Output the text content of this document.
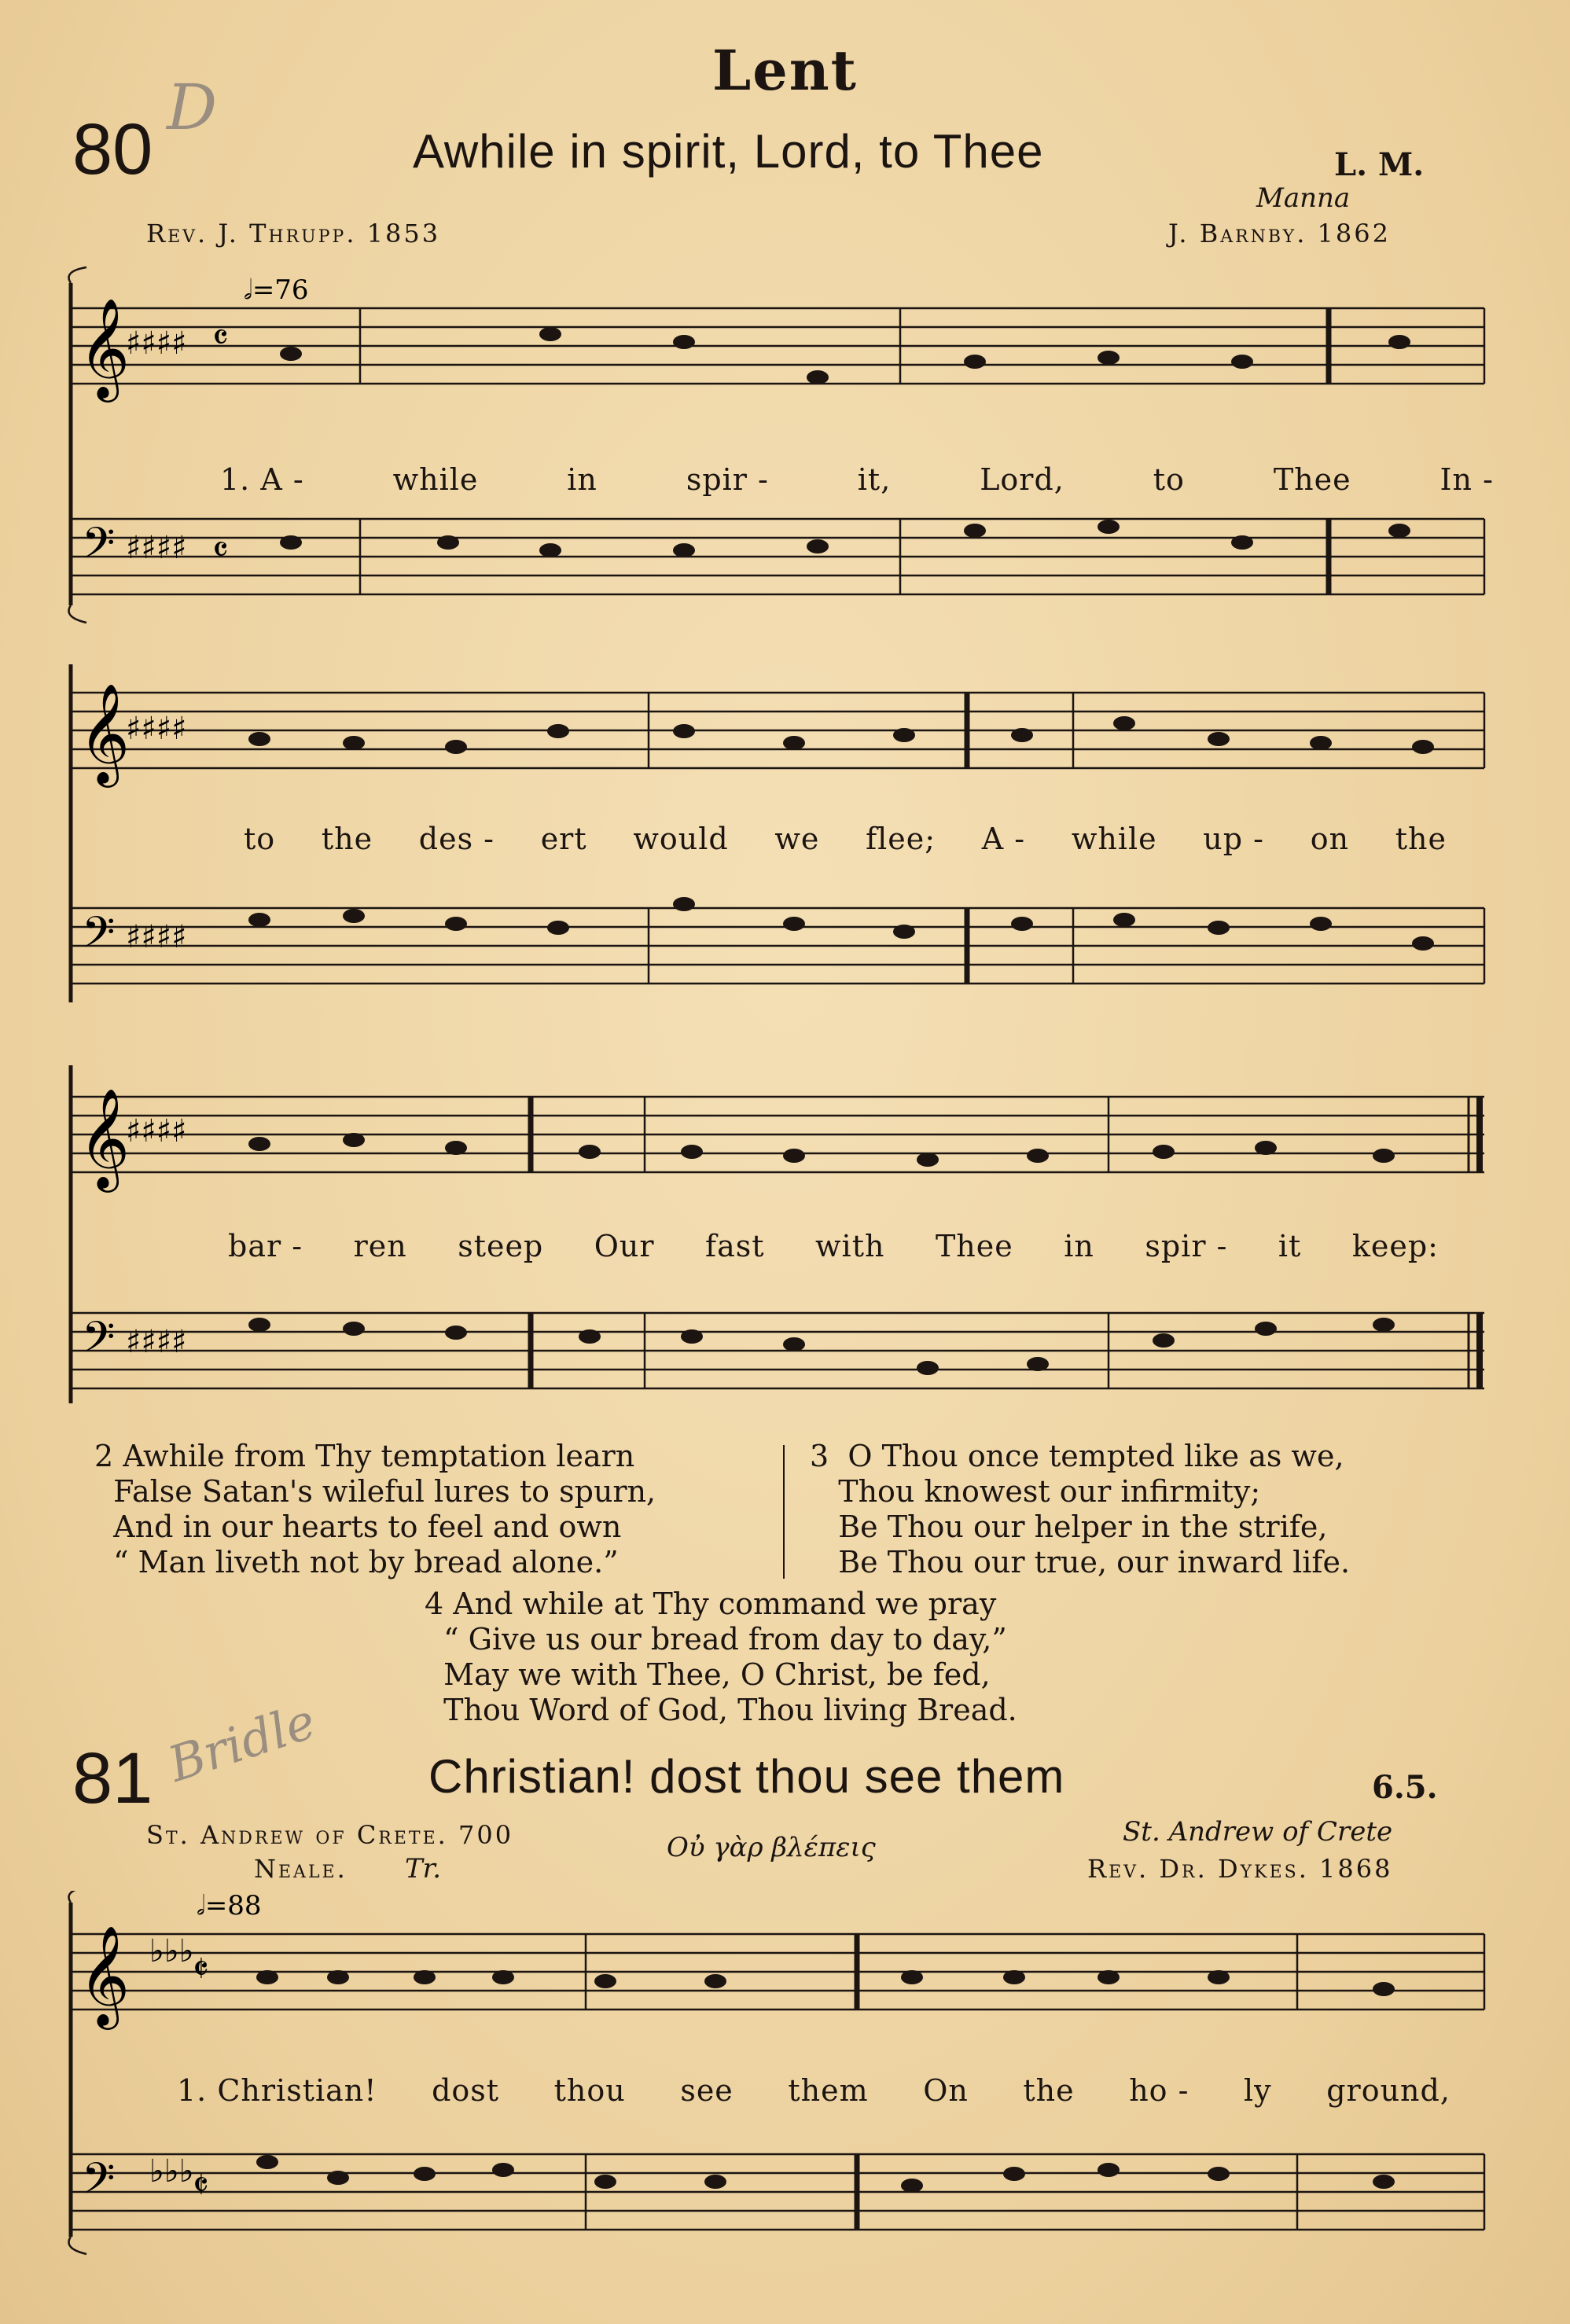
Lent
80
D
Awhile in spirit, Lord, to Thee	L. M.
Manna
Rev. J. Thrupp. 1853	J. Barnby. 1862
𝄞
𝄢
♯♯♯♯
♯♯♯♯
𝄴
𝄴
𝅗𝅥=76
1. A -	while	in	spir -	it,	Lord,	to	Thee	In -
𝄞
𝄢
♯♯♯♯
♯♯♯♯
to the des - ert would we flee; A - while up - on the
𝄞
𝄢
♯♯♯♯
♯♯♯♯
bar - ren steep Our fast with Thee in spir - it keep:
2 Awhile from Thy temptation learn
False Satan's wileful lures to spurn,
And in our hearts to feel and own
“ Man liveth not by bread alone.”
3  O Thou once tempted like as we,
Thou knowest our infirmity;
Be Thou our helper in the strife,
Be Thou our true, our inward life.
4 And while at Thy command we pray
“ Give us our bread from day to day,”
May we with Thee, O Christ, be fed,
Thou Word of God, Thou living Bread.
81 Bridle Christian! dost thou see them	6.5.
St. Andrew of Crete. 700
Neale. Tr.
Οὐ γὰρ βλέπεις	St. Andrew of Crete
Rev. Dr. Dykes. 1868
𝄞
𝄢
♭♭♭
♭♭♭
𝄵
𝄵
𝅗𝅥=88
1. Christian! dost thou see them On the ho - ly ground,
